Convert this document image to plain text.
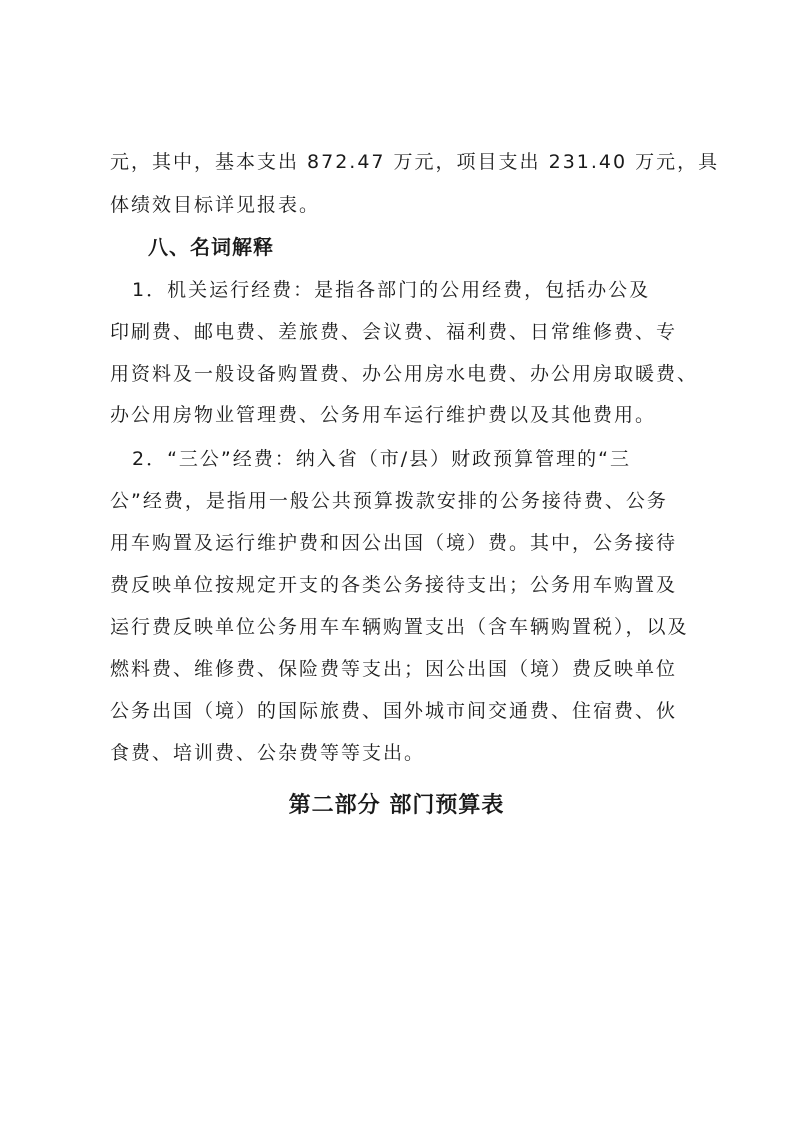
元，其中，基本支出 872.47 万元，项目支出 231.40 万元，具
体绩效目标详见报表。
八、名词解释
1．机关运行经费：是指各部门的公用经费，包括办公及
印刷费、邮电费、差旅费、会议费、福利费、日常维修费、专
用资料及一般设备购置费、办公用房水电费、办公用房取暖费、
办公用房物业管理费、公务用车运行维护费以及其他费用。
2．“三公”经费：纳入省（市/县）财政预算管理的“三
公”经费，是指用一般公共预算拨款安排的公务接待费、公务
用车购置及运行维护费和因公出国（境）费。其中，公务接待
费反映单位按规定开支的各类公务接待支出；公务用车购置及
运行费反映单位公务用车车辆购置支出（含车辆购置税），以及
燃料费、维修费、保险费等支出；因公出国（境）费反映单位
公务出国（境）的国际旅费、国外城市间交通费、住宿费、伙
食费、培训费、公杂费等等支出。
第二部分 部门预算表
